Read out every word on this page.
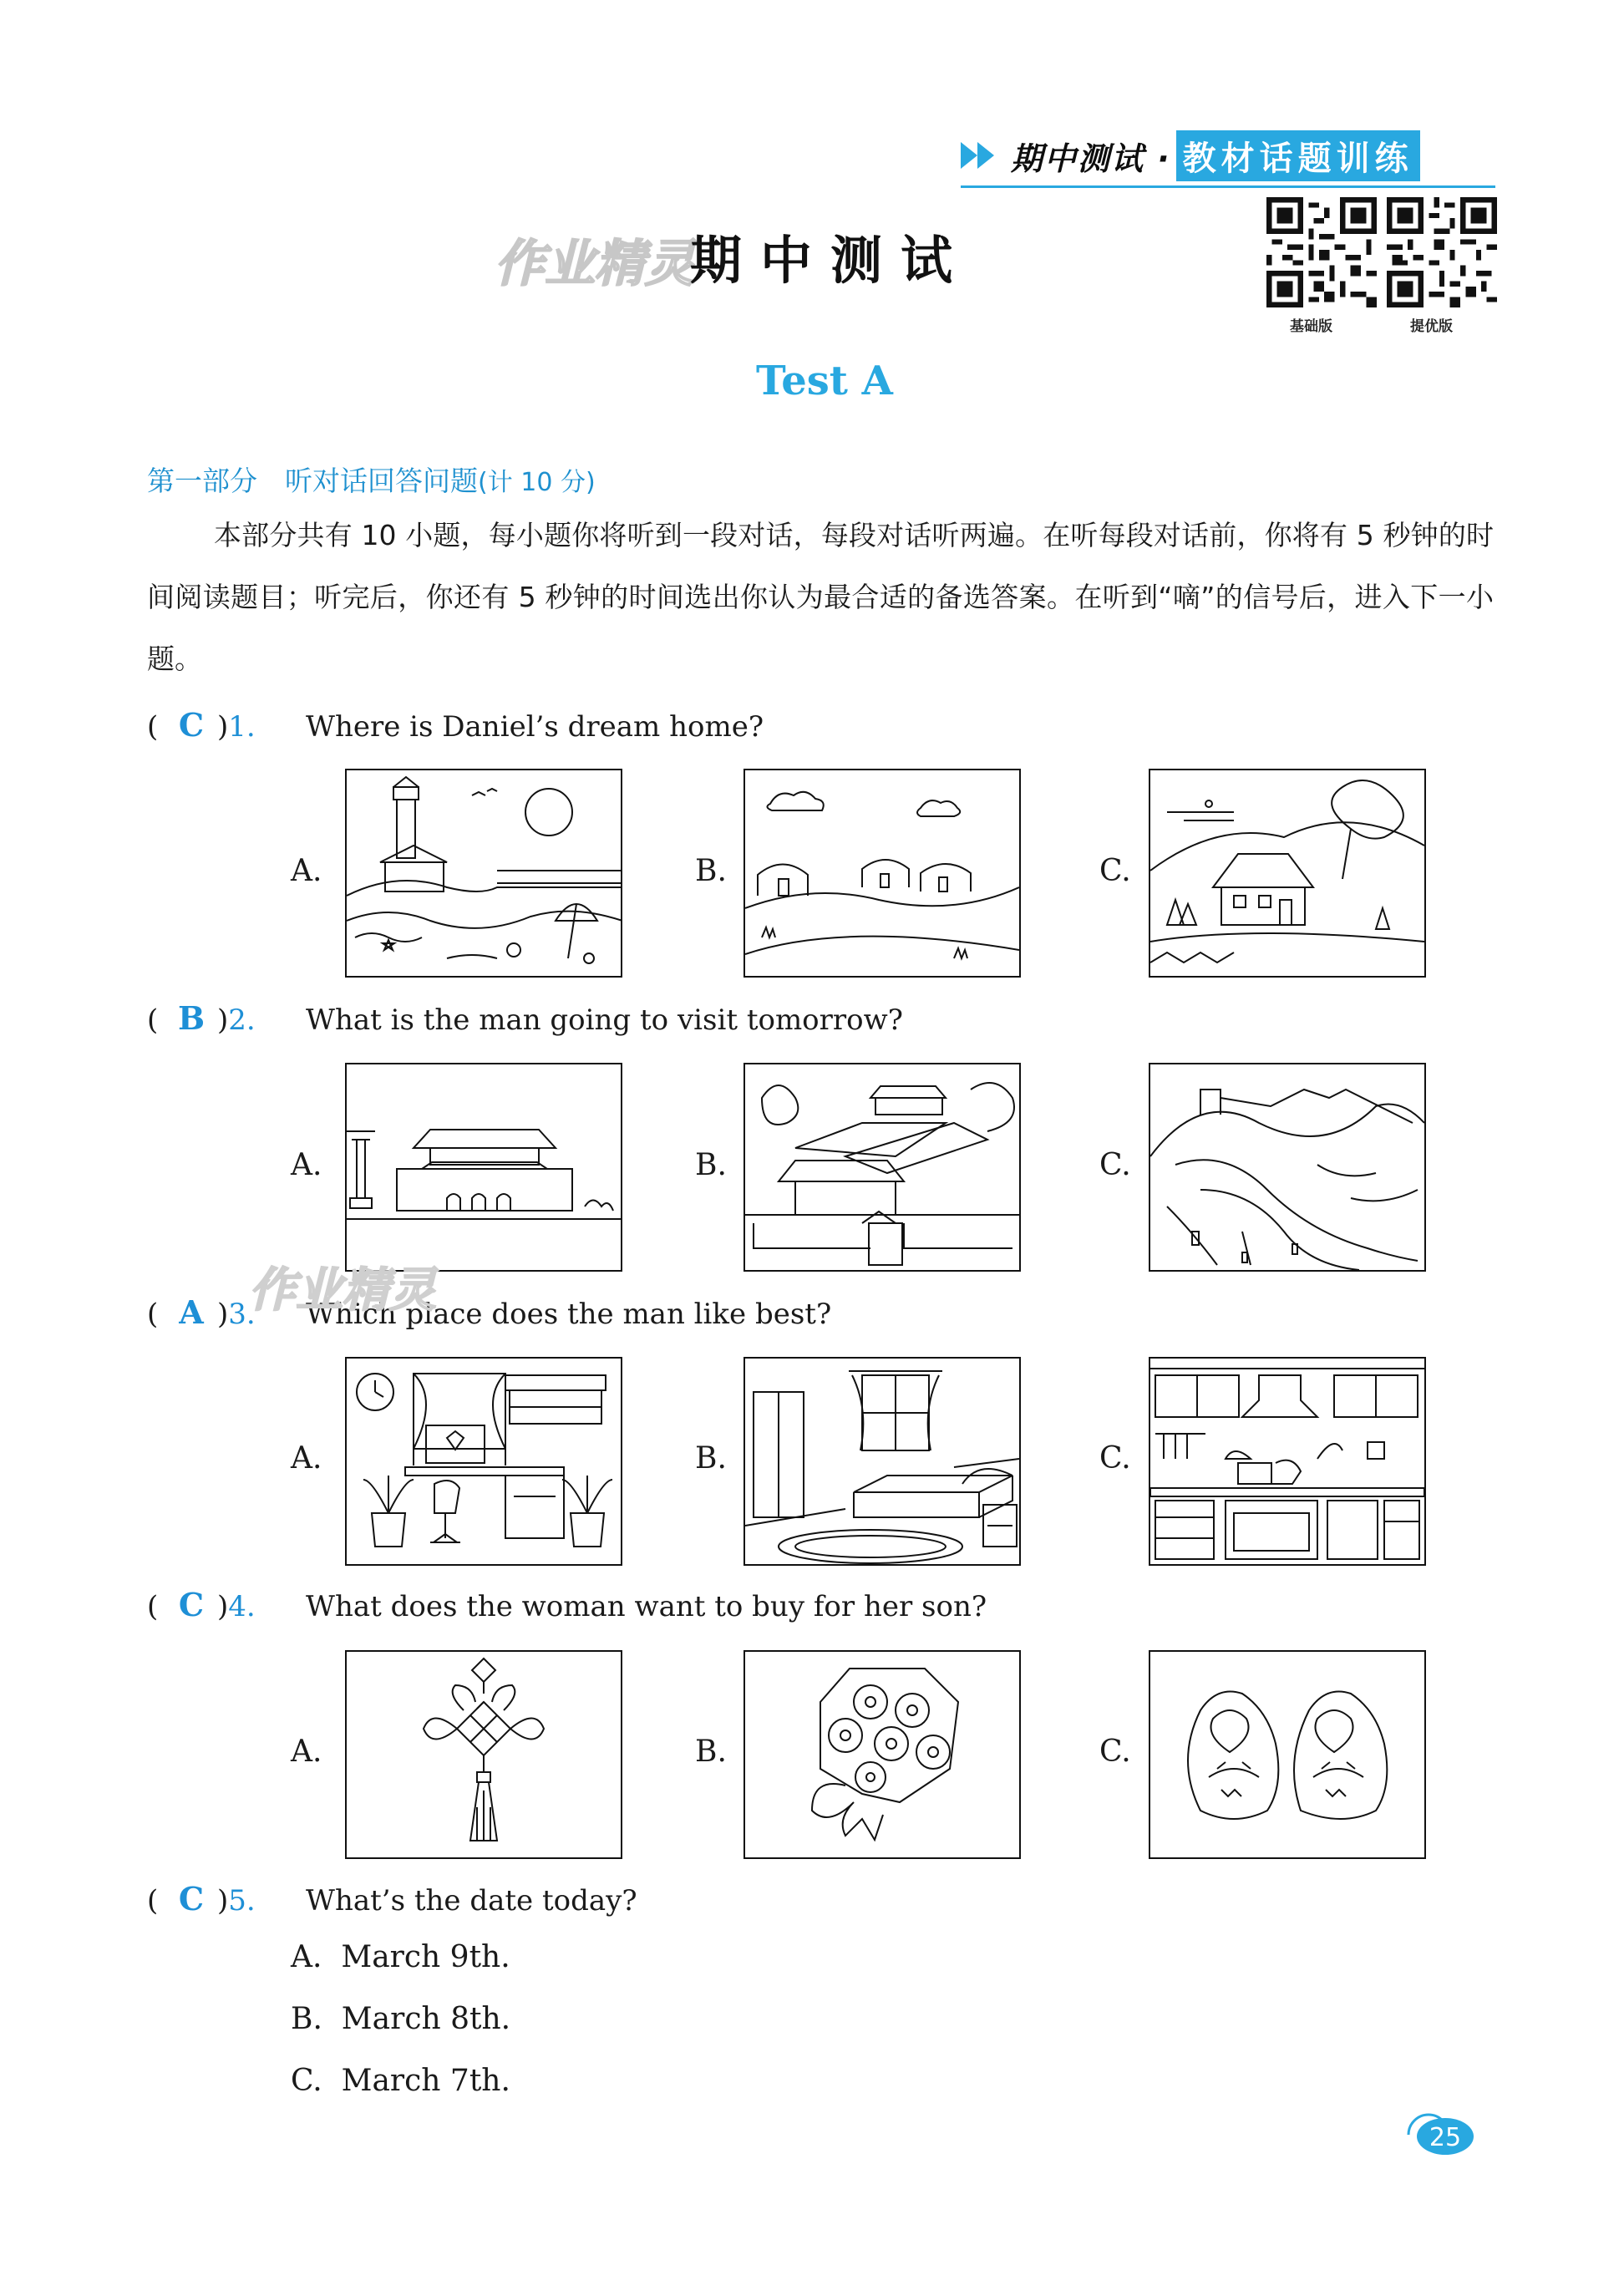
期中测试 · 教材话题训练
基础版	提优版
作业精灵
期中测试
Test A
第一部分　听对话回答问题(计 10 分)
本部分共有 10 小题，每小题你将听到一段对话，每段对话听两遍。在听每段对话前，你将有 5 秒钟的时间阅读题目；听完后，你还有 5 秒钟的时间选出你认为最合适的备选答案。在听到“嘀”的信号后，进入下一小题。
( C ) 1. Where is Daniel’s dream home?
A.	B.	C.
( B ) 2. What is the man going to visit tomorrow?
A.	B.	C.
( A ) 3. Which place does the man like best?
作业精灵
A.	B.	C.
( C ) 4. What does the woman want to buy for her son?
A.	B.	C.
( C ) 5. What’s the date today?
A. March 9th.
B. March 8th.
C. March 7th.
25
